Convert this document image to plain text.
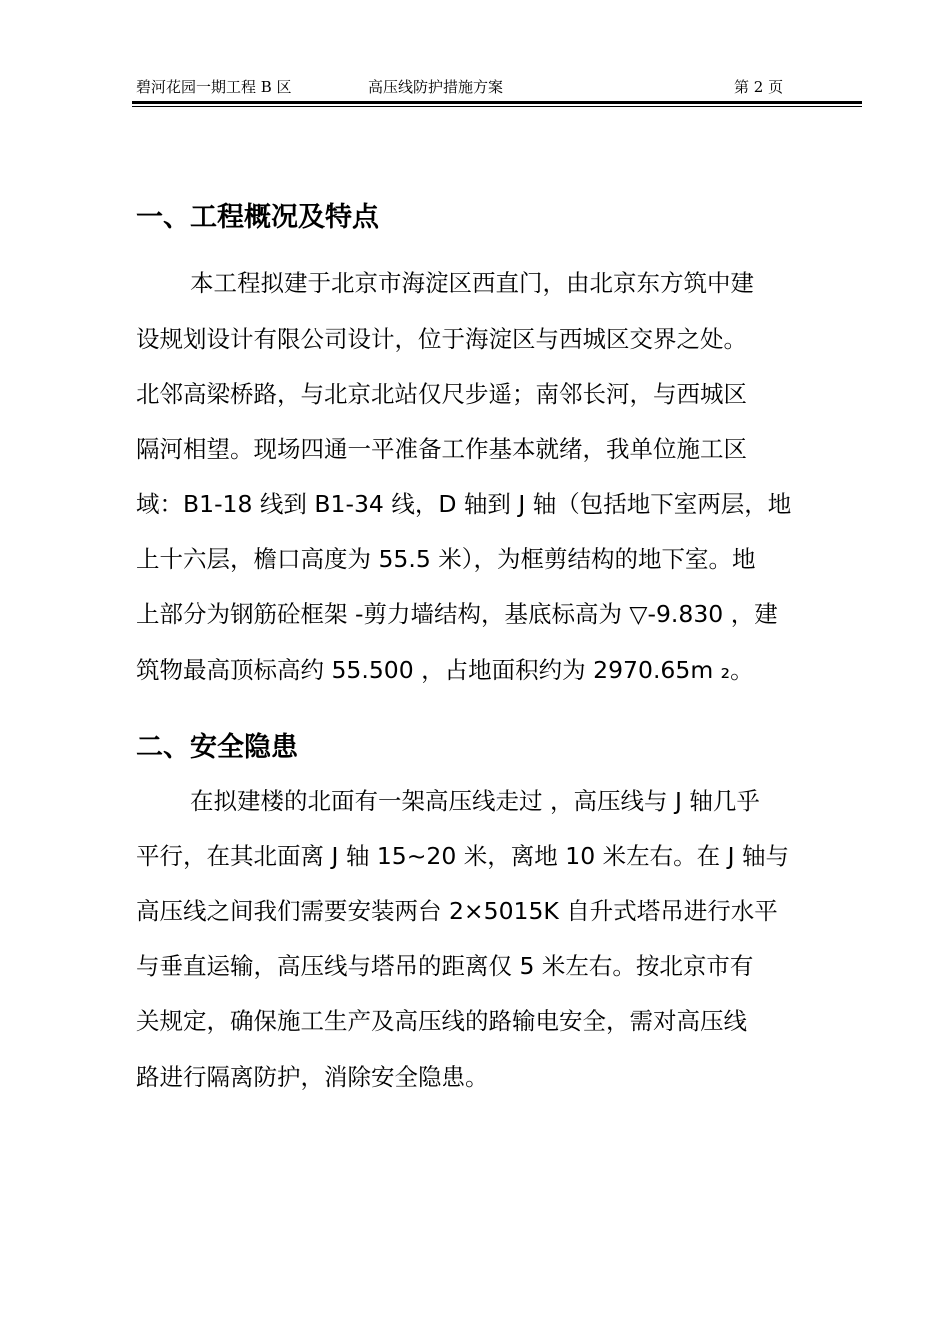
碧河花园一期工程 B 区	高压线防护措施方案	第 2 页
一、工程概况及特点
本工程拟建于北京市海淀区西直门，由北京东方筑中建
设规划设计有限公司设计，位于海淀区与西城区交界之处。
北邻高梁桥路，与北京北站仅尺步遥；南邻长河，与西城区
隔河相望。现场四通一平准备工作基本就绪，我单位施工区
域：B1-18 线到 B1-34 线，D 轴到 J 轴（包括地下室两层，地
上十六层，檐口高度为 55.5 米），为框剪结构的地下室。地
上部分为钢筋砼框架 -剪力墙结构，基底标高为 ▽-9.830 ，建
筑物最高顶标高约 55.500 ，占地面积约为 2970.65m ₂。
二、安全隐患
在拟建楼的北面有一架高压线走过 ，高压线与 J 轴几乎
平行，在其北面离 J 轴 15~20 米，离地 10 米左右。在 J 轴与
高压线之间我们需要安装两台 2×5015K 自升式塔吊进行水平
与垂直运输，高压线与塔吊的距离仅 5 米左右。按北京市有
关规定，确保施工生产及高压线的路输电安全，需对高压线
路进行隔离防护，消除安全隐患。
